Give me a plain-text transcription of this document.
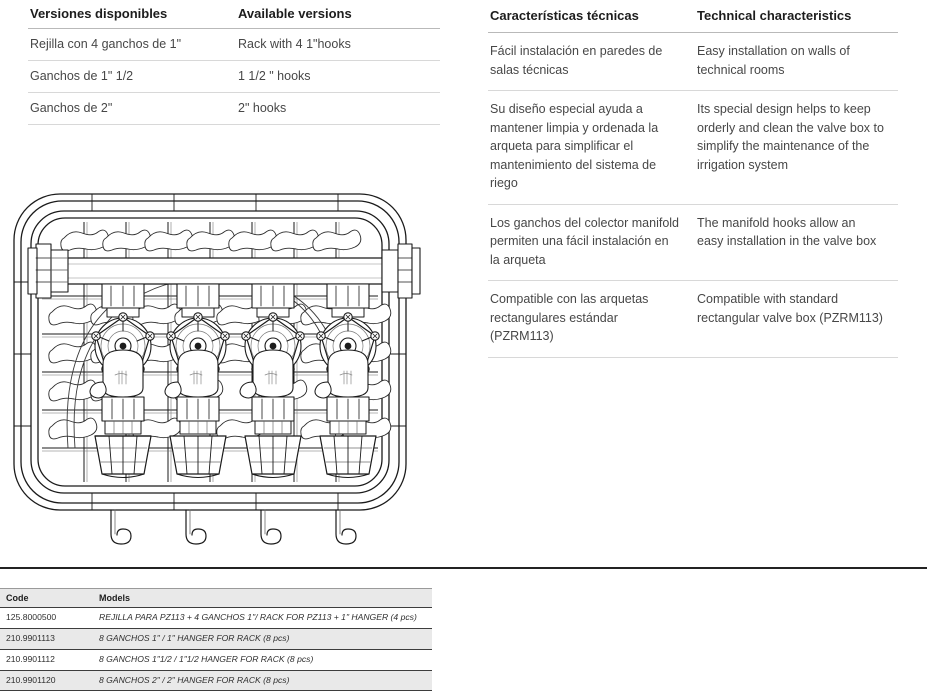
Versiones disponibles	Available versions
Rejilla con 4 ganchos de 1"	Rack with 4 1"hooks
Ganchos de 1" 1/2	1 1/2 " hooks
Ganchos de 2"	2" hooks
Características técnicas	Technical characteristics
Fácil instalación en paredes de salas técnicas	Easy installation on walls of technical rooms
Su diseño especial ayuda a mantener limpia y ordenada la arqueta para simplificar el mantenimiento del sistema de riego	Its special design helps to keep orderly and clean the valve box to simplify the maintenance of the irrigation system
Los ganchos del colector manifold permiten una fácil instalación en la arqueta	The manifold hooks allow an easy installation in the valve box
Compatible con las arquetas rectangulares estándar (PZRM113)	Compatible with standard rectangular valve box (PZRM113)
Code	Models
125.8000500	REJILLA PARA PZ113 + 4 GANCHOS 1"/ RACK FOR PZ113 + 1" HANGER (4 pcs)
210.9901113	8 GANCHOS 1" / 1" HANGER FOR RACK (8 pcs)
210.9901112	8 GANCHOS 1"1/2 / 1"1/2 HANGER FOR RACK (8 pcs)
210.9901120	8 GANCHOS 2" / 2" HANGER FOR RACK (8 pcs)
